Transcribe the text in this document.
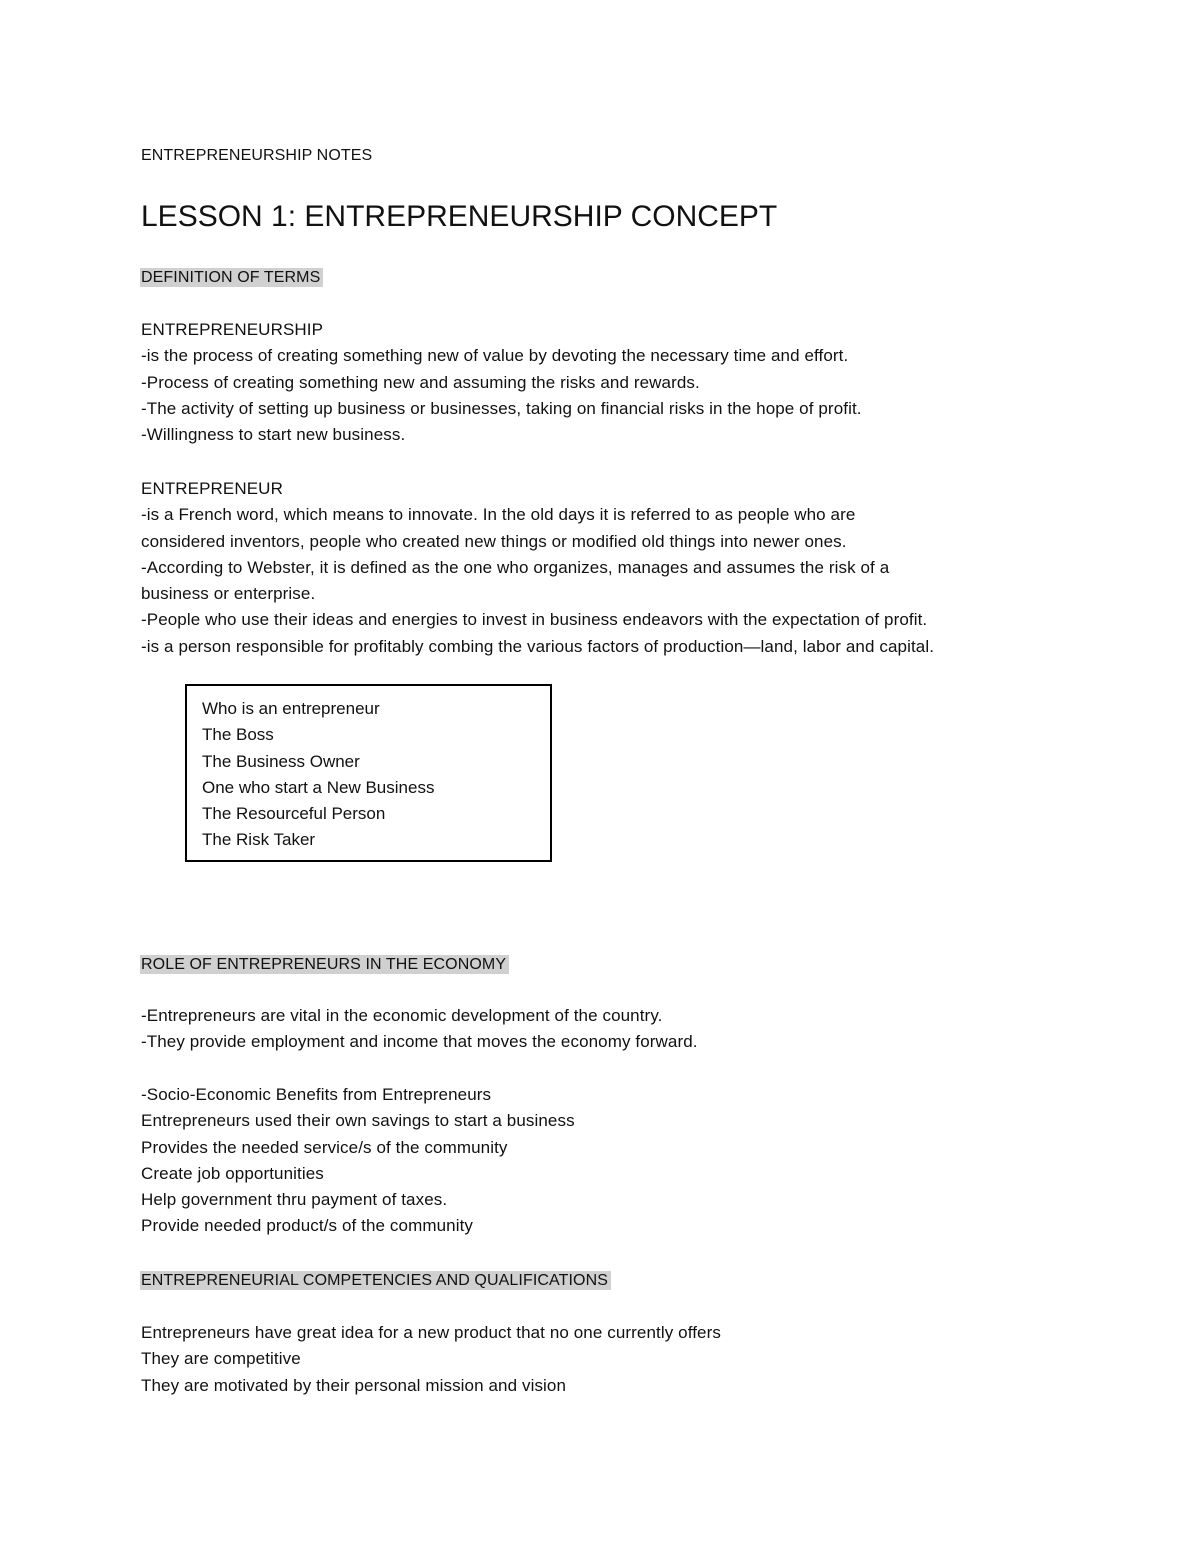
ENTREPRENEURSHIP NOTES
LESSON 1: ENTREPRENEURSHIP CONCEPT
DEFINITION OF TERMS

ENTREPRENEURSHIP

-is the process of creating something new of value by devoting the necessary time and effort.

-Process of creating something new and assuming the risks and rewards.

-The activity of setting up business or businesses, taking on financial risks in the hope of profit.

-Willingness to start new business.

ENTREPRENEUR

-is a French word, which means to innovate. In the old days it is referred to as people who are

considered inventors, people who created new things or modified old things into newer ones.

-According to Webster, it is defined as the one who organizes, manages and assumes the risk of a

business or enterprise.

-People who use their ideas and energies to invest in business endeavors with the expectation of profit.

-is a person responsible for profitably combing the various factors of production—land, labor and capital.

Who is an entrepreneur

The Boss

The Business Owner

One who start a New Business

The Resourceful Person

The Risk Taker

ROLE OF ENTREPRENEURS IN THE ECONOMY

-Entrepreneurs are vital in the economic development of the country.

-They provide employment and income that moves the economy forward.

-Socio-Economic Benefits from Entrepreneurs

Entrepreneurs used their own savings to start a business

Provides the needed service/s of the community

Create job opportunities

Help government thru payment of taxes.

Provide needed product/s of the community

ENTREPRENEURIAL COMPETENCIES AND QUALIFICATIONS

Entrepreneurs have great idea for a new product that no one currently offers

They are competitive

They are motivated by their personal mission and vision
